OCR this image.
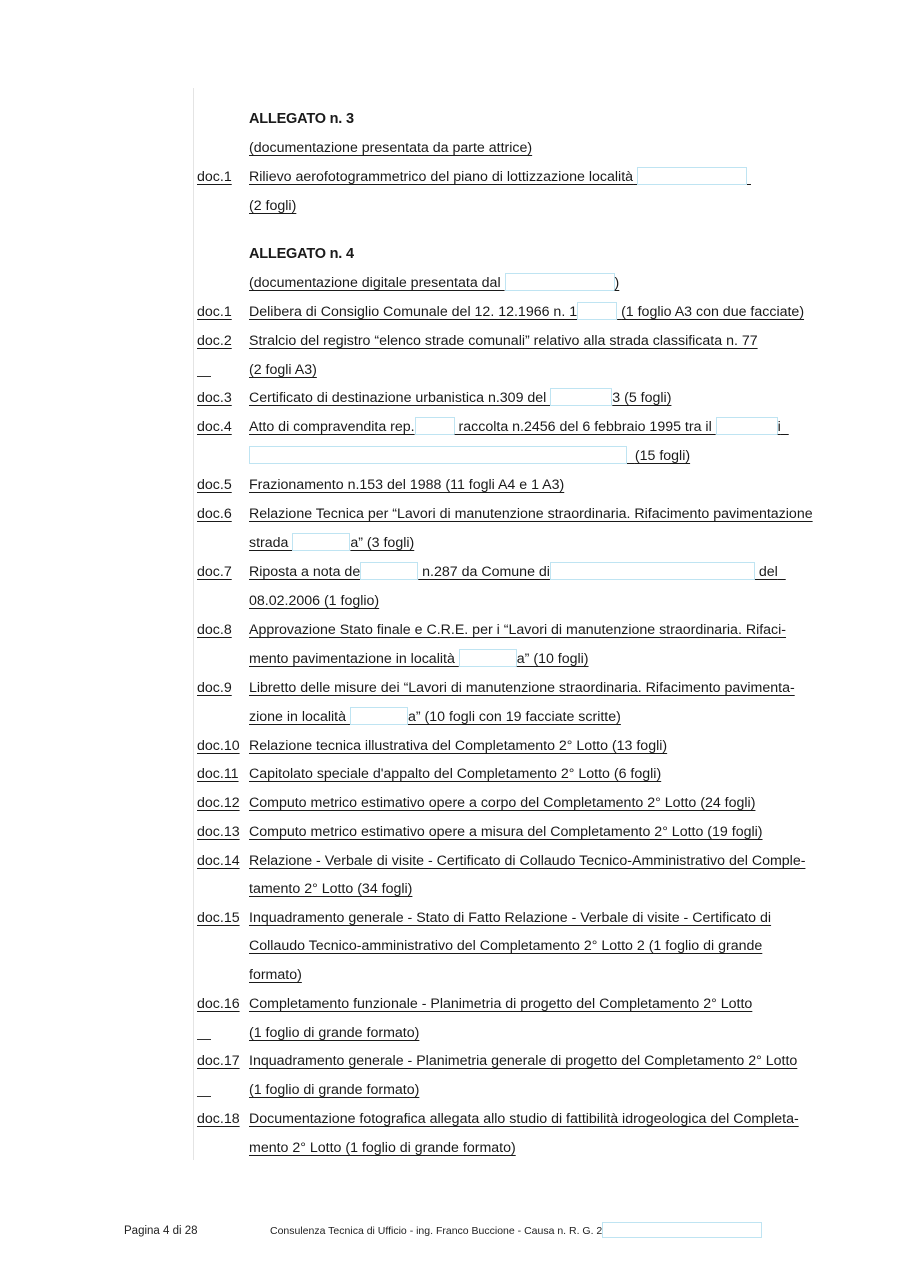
ALLEGATO n. 3
(documentazione presentata da parte attrice)
doc.1 Rilievo aerofotogrammetrico del piano di lottizzazione località
(2 fogli)
ALLEGATO n. 4
(documentazione digitale presentata dal	)
doc.1 Delibera di Consiglio Comunale del 12. 12.1966 n. 1	(1 foglio A3 con due facciate)
doc.2 Stralcio del registro “elenco strade comunali” relativo alla strada classificata n. 77
(2 fogli A3)
doc.3 Certificato di destinazione urbanistica n.309 del	3 (5 fogli)
doc.4 Atto di compravendita rep.	raccolta n.2456 del 6 febbraio 1995 tra il	i
(15 fogli)
doc.5 Frazionamento n.153 del 1988 (11 fogli A4 e 1 A3)
doc.6 Relazione Tecnica per “Lavori di manutenzione straordinaria. Rifacimento pavimentazione
strada	a” (3 fogli)
doc.7 Riposta a nota de	n.287 da Comune di	del
08.02.2006 (1 foglio)
doc.8 Approvazione Stato finale e C.R.E. per i “Lavori di manutenzione straordinaria. Rifaci-
mento pavimentazione in località	a” (10 fogli)
doc.9 Libretto delle misure dei “Lavori di manutenzione straordinaria. Rifacimento pavimenta-
zione in località	a” (10 fogli con 19 facciate scritte)
doc.10 Relazione tecnica illustrativa del Completamento 2° Lotto (13 fogli)
doc.11 Capitolato speciale d'appalto del Completamento 2° Lotto (6 fogli)
doc.12 Computo metrico estimativo opere a corpo del Completamento 2° Lotto (24 fogli)
doc.13 Computo metrico estimativo opere a misura del Completamento 2° Lotto (19 fogli)
doc.14 Relazione - Verbale di visite - Certificato di Collaudo Tecnico-Amministrativo del Comple-
tamento 2° Lotto (34 fogli)
doc.15 Inquadramento generale - Stato di Fatto Relazione - Verbale di visite - Certificato di
Collaudo Tecnico-amministrativo del Completamento 2° Lotto 2 (1 foglio di grande
formato)
doc.16 Completamento funzionale - Planimetria di progetto del Completamento 2° Lotto
(1 foglio di grande formato)
doc.17 Inquadramento generale - Planimetria generale di progetto del Completamento 2° Lotto
(1 foglio di grande formato)
doc.18 Documentazione fotografica allegata allo studio di fattibilità idrogeologica del Completa-
mento 2° Lotto (1 foglio di grande formato)
Pagina 4 di 28	Consulenza Tecnica di Ufficio - ing. Franco Buccione - Causa n. R. G. 2
